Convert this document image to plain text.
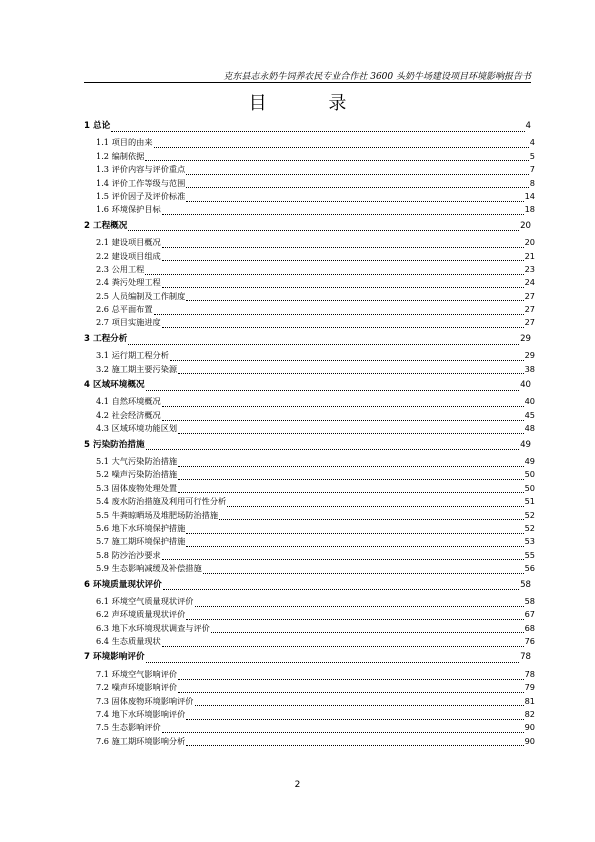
克东县志永奶牛饲养农民专业合作社 3600 头奶牛场建设项目环境影响报告书
目 录
1 总论	4
1.1 项目的由来	4
1.2 编制依据	5
1.3 评价内容与评价重点	7
1.4 评价工作等级与范围	8
1.5 评价因子及评价标准	14
1.6 环境保护目标	18
2 工程概况	20
2.1 建设项目概况	20
2.2 建设项目组成	21
2.3 公用工程	23
2.4 粪污处理工程	24
2.5 人员编制及工作制度	27
2.6 总平面布置	27
2.7 项目实施进度	27
3 工程分析	29
3.1 运行期工程分析	29
3.2 施工期主要污染源	38
4 区域环境概况	40
4.1 自然环境概况	40
4.2 社会经济概况	45
4.3 区域环境功能区划	48
5 污染防治措施	49
5.1 大气污染防治措施	49
5.2 噪声污染防治措施	50
5.3 固体废物处理处置	50
5.4 废水防治措施及利用可行性分析	51
5.5 牛粪晾晒场及堆肥场防治措施	52
5.6 地下水环境保护措施	52
5.7 施工期环境保护措施	53
5.8 防沙治沙要求	55
5.9 生态影响减缓及补偿措施	56
6 环境质量现状评价	58
6.1 环境空气质量现状评价	58
6.2 声环境质量现状评价	67
6.3 地下水环境现状调查与评价	68
6.4 生态质量现状	76
7 环境影响评价	78
7.1 环境空气影响评价	78
7.2 噪声环境影响评价	79
7.3 固体废物环境影响评价	81
7.4 地下水环境影响评价	82
7.5 生态影响评价	90
7.6 施工期环境影响分析	90
2
